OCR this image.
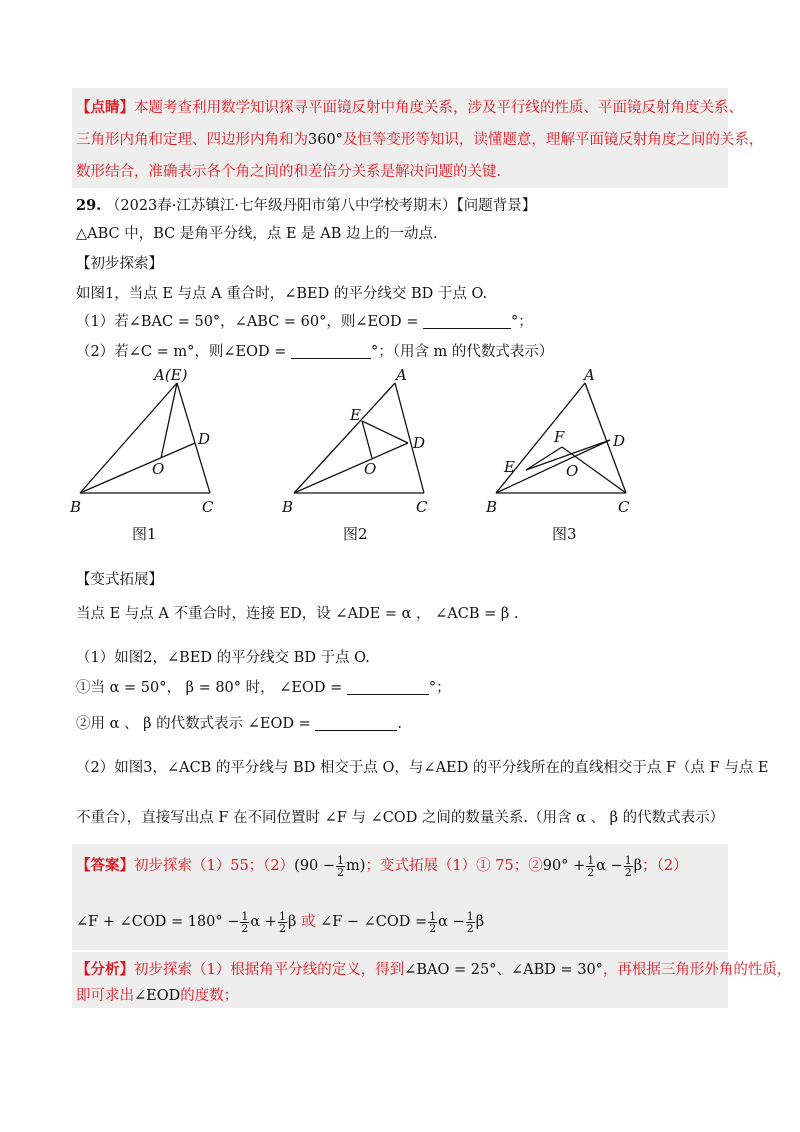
【点睛】本题考查利用数学知识探寻平面镜反射中角度关系，涉及平行线的性质、平面镜反射角度关系、
三角形内角和定理、四边形内角和为360°及恒等变形等知识，读懂题意，理解平面镜反射角度之间的关系，
数形结合，准确表示各个角之间的和差倍分关系是解决问题的关键.
29. （2023春·江苏镇江·七年级丹阳市第八中学校考期末）【问题背景】
△ABC 中，BC 是角平分线，点 E 是 AB 边上的一动点.
【初步探索】
如图1，当点 E 与点 A 重合时，∠BED 的平分线交 BD 于点 O.
（1）若∠BAC = 50°，∠ABC = 60°，则∠EOD =	°；
（2）若∠C = m°，则∠EOD =	°；（用含 m 的代数式表示）
A(E)
D
O
B	C
图1
A
E
D
O
B	C
图2
A
F	D
E	O
B	C
图3
【变式拓展】
当点 E 与点 A 不重合时，连接 ED，设 ∠ADE = α ， ∠ACB = β .
（1）如图2，∠BED 的平分线交 BD 于点 O.
①当 α = 50°， β = 80° 时， ∠EOD =	°；
②用 α 、 β 的代数式表示 ∠EOD =	.
（2）如图3，∠ACB 的平分线与 BD 相交于点 O，与∠AED 的平分线所在的直线相交于点 F（点 F 与点 E
不重合），直接写出点 F 在不同位置时 ∠F 与 ∠COD 之间的数量关系.（用含 α 、 β 的代数式表示）
【答案】初步探索（1）55；$(2)(90 - \frac{1}{2} m)$；变式拓展（1）① 75；②90° + $\frac{1}{2}$ $\alpha - \frac{1}{2}$ β；（2）
∠F + ∠COD = $180^\circ - \frac{1}{2}$ $\alpha + \frac{1}{2}$ β 或 ∠F − ∠COD = $\frac{1}{2}$ $\alpha - \frac{1}{2}$ β
【分析】初步探索（1）根据角平分线的定义，得到∠BAO = 25°、∠ABD = 30°，再根据三角形外角的性质，
即可求出∠EOD的度数；
